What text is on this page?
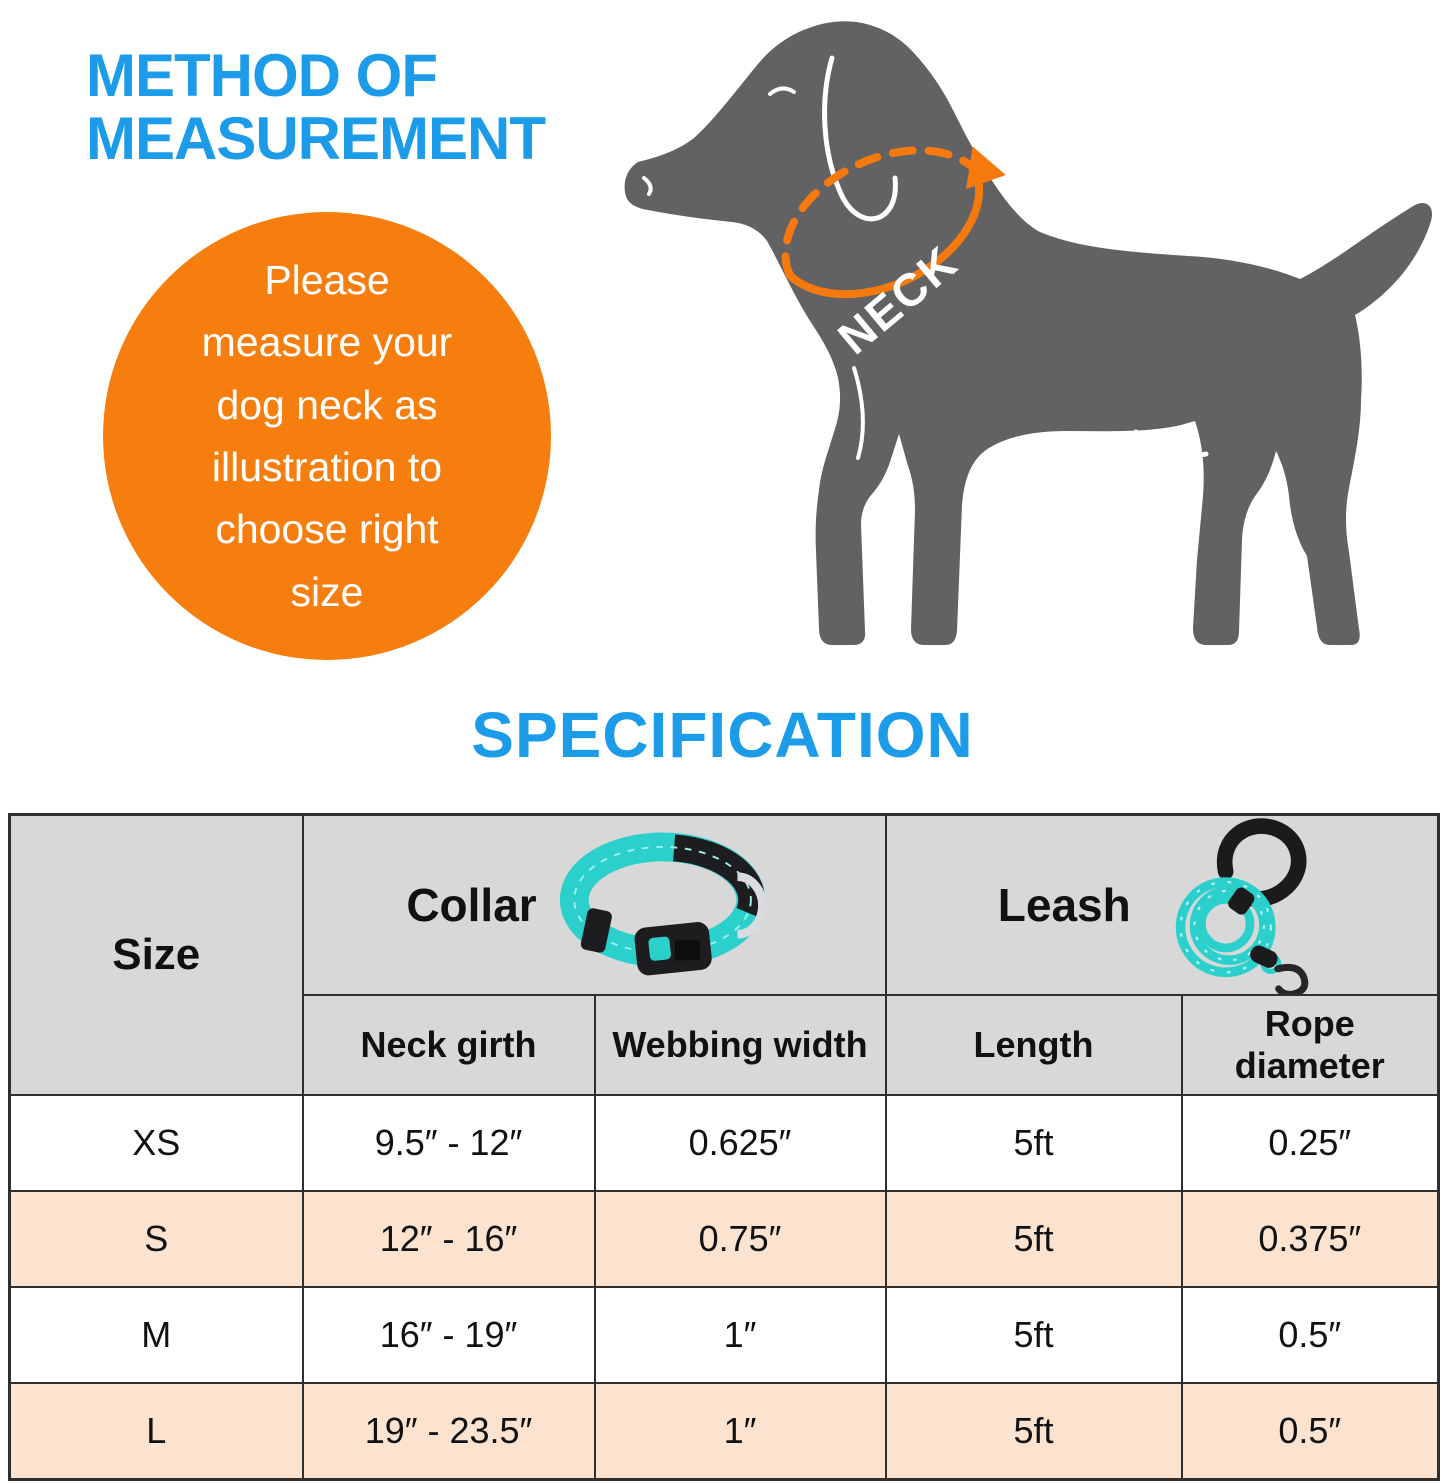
METHOD OF
MEASUREMENT
Please measure your dog neck as illustration to choose right size
NECK
SPECIFICATION
Size	Collar		Leash	

	Neck girth	Webbing width	Length	Rope diameter
XS	9.5″ - 12″	0.625″	5ft	0.25″
S	12″ - 16″	0.75″	5ft	0.375″
M	16″ - 19″	1″	5ft	0.5″
L	19″ - 23.5″	1″	5ft	0.5″
